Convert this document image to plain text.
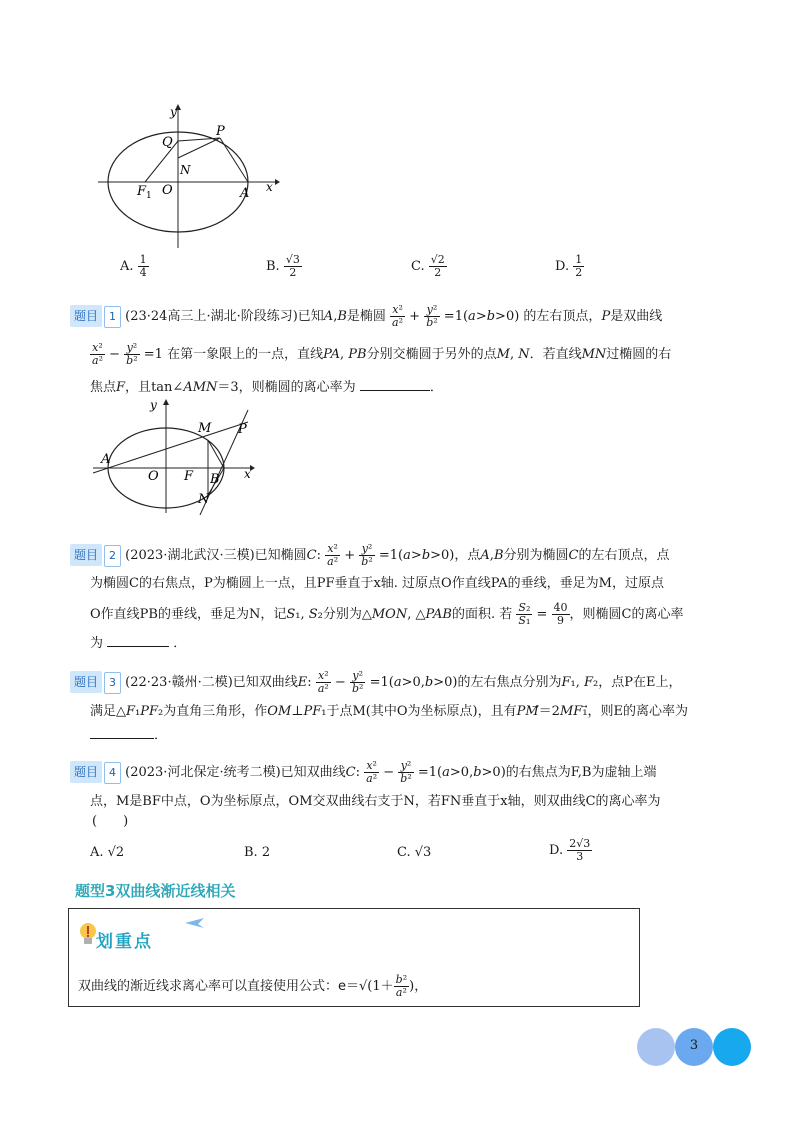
y
x
Q
P
N
F 1 O	A
A. $\frac{1}{4}$	B. $\frac{√3}{2}$	C. $\frac{√2}{2}$	D. $\frac{1}{2}$
题目 1 (23·24高三上·湖北·阶段练习)已知A,B是椭圆 $\frac{\text{x²}}{\text{a²}} + \frac{\text{y²}}{\text{b²}} =1(a>b>0)$ 的左右顶点，P是双曲线
$\frac{\text{x²}}{\text{a²}} - \frac{\text{y²}}{\text{b²}} =1$ 在第一象限上的一点，直线PA, PB分别交椭圆于另外的点M, N．若直线MN过椭圆的右
焦点F，且tan∠AMN＝3，则椭圆的离心率为	．
y
x
A
M P
O F B
N
题目 2 (2023·湖北武汉·三模)已知椭圆C: $\frac{\text{x²}}{\text{a²}} + \frac{\text{y²}}{\text{b²}} =1(a>b>0)$，点A,B分别为椭圆C的左右顶点，点
为椭圆C的右焦点，P为椭圆上一点，且PF垂直于x轴. 过原点O作直线PA的垂线，垂足为M，过原点
O作直线PB的垂线，垂足为N，记S₁, S₂分别为△MON, △PAB的面积. 若 $\frac{\text{S₂}}{\text{S₁}} = \frac{40}{9}$ ，则椭圆C的离心率
为	．
题目 3 (22·23·赣州·二模)已知双曲线E: $\frac{\text{x²}}{\text{a²}} - \frac{\text{y²}}{\text{b²}} =1(a>0,b>0)$的左右焦点分别为F₁, F₂，点P在E上，
满足△F₁PF₂为直角三角形，作OM⊥PF₁于点M(其中O为坐标原点)，且有PM⃗＝2MF₁⃗，则E的离心率为
．
题目 4 (2023·河北保定·统考二模)已知双曲线C: $\frac{\text{x²}}{\text{a²}} - \frac{\text{y²}}{\text{b²}} =1(a>0,b>0)$的右焦点为F,B为虚轴上端
点，M是BF中点，O为坐标原点，OM交双曲线右支于N，若FN垂直于x轴，则双曲线C的离心率为
(　　)
A. √2	B. 2	C. √3	D. $\frac{2√3}{3}$
题型3双曲线渐近线相关
划重点
双曲线的渐近线求离心率可以直接使用公式：$e=√(1+ \frac{\text{b²}}{\text{a²}}$ )，
3
